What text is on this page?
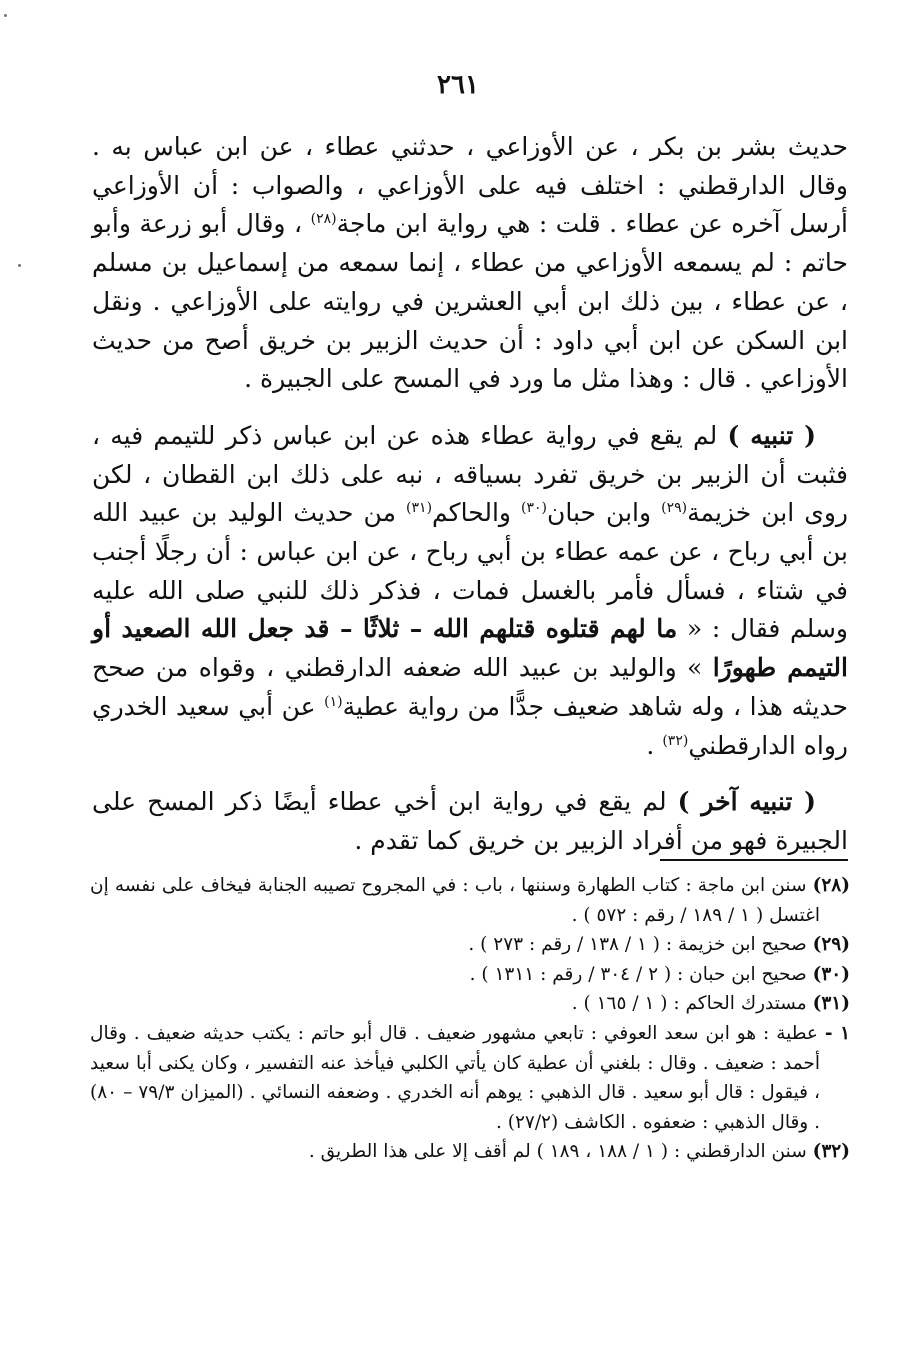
٢٦١

حديث بشر بن بكر ، عن الأوزاعي ، حدثني عطاء ، عن ابن عباس به . وقال الدارقطني : اختلف فيه على الأوزاعي ، والصواب : أن الأوزاعي أرسل آخره عن عطاء . قلت : هي رواية ابن ماجة$^{(٢٨)}$ ، وقال أبو زرعة وأبو حاتم : لم يسمعه الأوزاعي من عطاء ، إنما سمعه من إسماعيل بن مسلم ، عن عطاء ، بين ذلك ابن أبي العشرين في روايته على الأوزاعي . ونقل ابن السكن عن ابن أبي داود : أن حديث الزبير بن خريق أصح من حديث الأوزاعي . قال : وهذا مثل ما ورد في المسح على الجبيرة .

( تنبيه ) لم يقع في رواية عطاء هذه عن ابن عباس ذكر للتيمم فيه ، فثبت أن الزبير بن خريق تفرد بسياقه ، نبه على ذلك ابن القطان ، لكن روى ابن خزيمة$^{(٢٩)}$ وابن حبان$^{(٣٠)}$ والحاكم$^{(٣١)}$ من حديث الوليد بن عبيد الله بن أبي رباح ، عن عمه عطاء بن أبي رباح ، عن ابن عباس : أن رجلًا أجنب في شتاء ، فسأل فأمر بالغسل فمات ، فذكر ذلك للنبي صلى الله عليه وسلم فقال : « ما لهم قتلوه قتلهم الله – ثلاثًا – قد جعل الله الصعيد أو التيمم طهورًا » والوليد بن عبيد الله ضعفه الدارقطني ، وقواه من صحح حديثه هذا ، وله شاهد ضعيف جدًّا من رواية عطية$^{(١)}$ عن أبي سعيد الخدري رواه الدارقطني$^{(٣٢)}$ .

( تنبيه آخر ) لم يقع في رواية ابن أخي عطاء أيضًا ذكر المسح على الجبيرة فهو من أفراد الزبير بن خريق كما تقدم .

(٢٨) سنن ابن ماجة : كتاب الطهارة وسننها ، باب : في المجروح تصيبه الجنابة فيخاف على نفسه إن اغتسل ( ١ / ١٨٩ / رقم : ٥٧٢ ) .

(٢٩) صحيح ابن خزيمة : ( ١ / ١٣٨ / رقم : ٢٧٣ ) .

(٣٠) صحيح ابن حبان : ( ٢ / ٣٠٤ / رقم : ١٣١١ ) .

(٣١) مستدرك الحاكم : ( ١ / ١٦٥ ) .

١ - عطية : هو ابن سعد العوفي : تابعي مشهور ضعيف . قال أبو حاتم : يكتب حديثه ضعيف . وقال أحمد : ضعيف . وقال : بلغني أن عطية كان يأتي الكلبي فيأخذ عنه التفسير ، وكان يكنى أبا سعيد ، فيقول : قال أبو سعيد . قال الذهبي : يوهم أنه الخدري . وضعفه النسائي . (الميزان ٧٩/٣ – ٨٠) . وقال الذهبي : ضعفوه . الكاشف (٢٧/٢) .

(٣٢) سنن الدارقطني : ( ١ / ١٨٨ ، ١٨٩ ) لم أقف إلا على هذا الطريق .
